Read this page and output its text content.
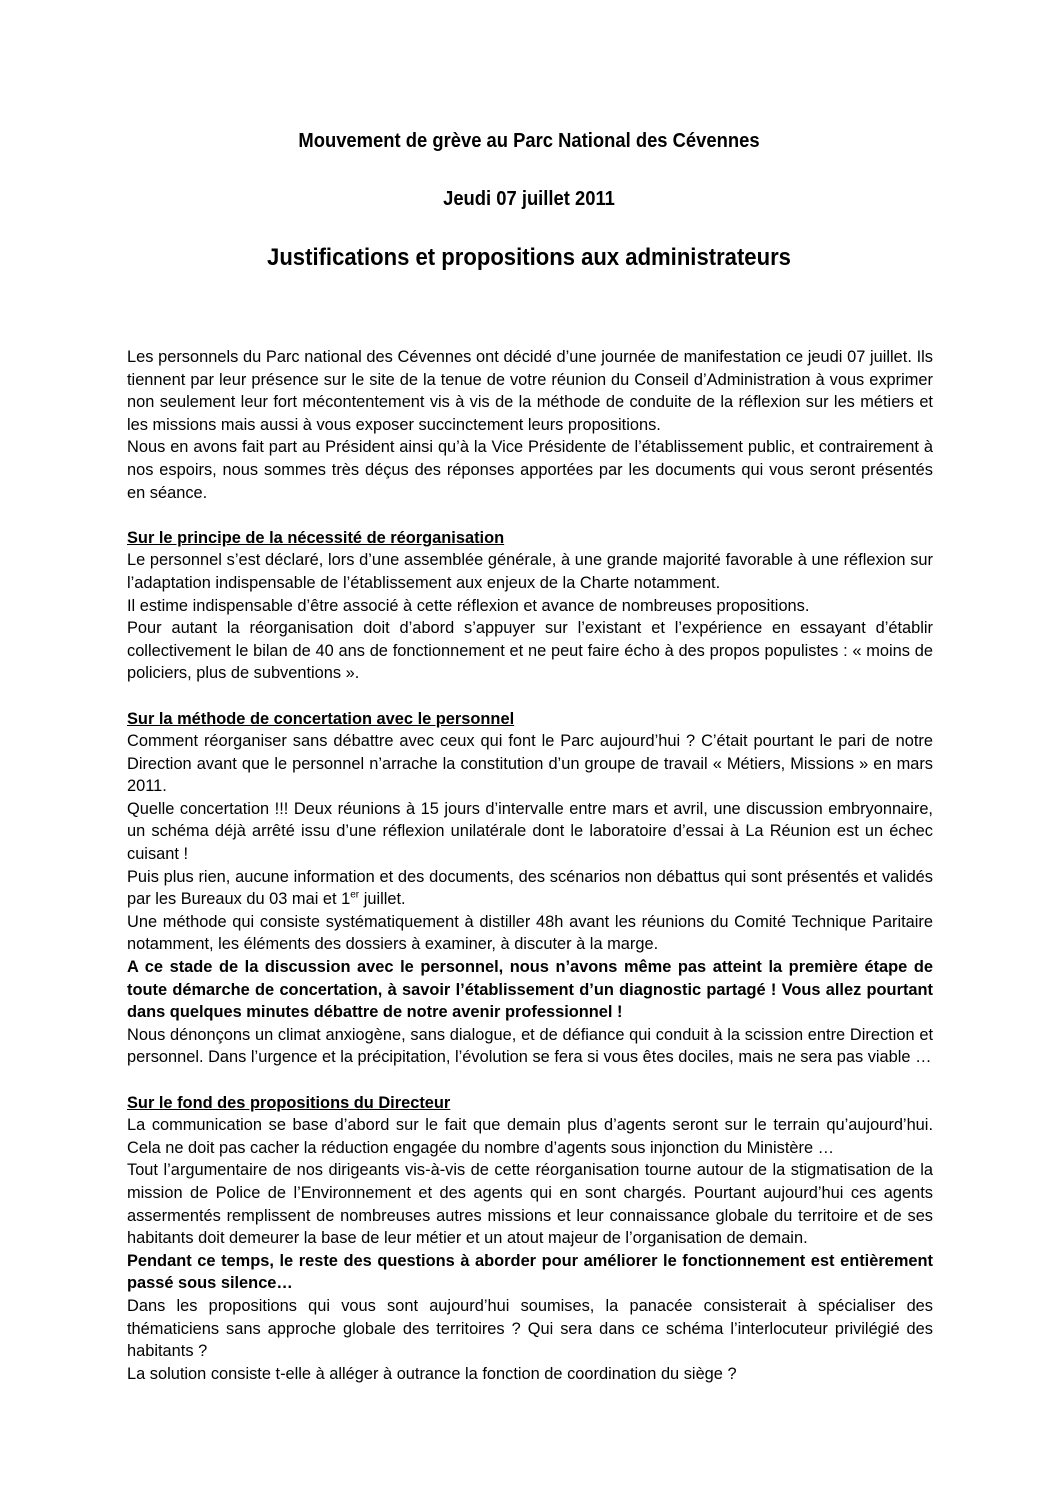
Mouvement de grève au Parc National des Cévennes
Jeudi 07 juillet 2011
Justifications et propositions aux administrateurs

Les personnels du Parc national des Cévennes ont décidé d’une journée de manifestation ce jeudi 07 juillet. Ils tiennent par leur présence sur le site de la tenue de votre réunion du Conseil d’Administration à vous exprimer non seulement leur fort mécontentement vis à vis de la méthode de conduite de la réflexion sur les métiers et les missions mais aussi à vous exposer succinctement leurs propositions.

Nous en avons fait part au Président ainsi qu’à la Vice Présidente de l’établissement public, et contrairement à nos espoirs, nous sommes très déçus des réponses apportées par les documents qui vous seront présentés en séance.

Sur le principe de la nécessité de réorganisation

Le personnel s’est déclaré, lors d’une assemblée générale, à une grande majorité favorable à une réflexion sur l’adaptation indispensable de l’établissement aux enjeux de la Charte notamment.

Il estime indispensable d’être associé à cette réflexion et avance de nombreuses propositions.

Pour autant la réorganisation doit d’abord s’appuyer sur l’existant et l’expérience en essayant d’établir collectivement le bilan de 40 ans de fonctionnement et ne peut faire écho à des propos populistes : « moins de policiers, plus de subventions ».

Sur la méthode de concertation avec le personnel

Comment réorganiser sans débattre avec ceux qui font le Parc aujourd’hui ? C’était pourtant le pari de notre Direction avant que le personnel n’arrache la constitution d’un groupe de travail « Métiers, Missions » en mars 2011.

Quelle concertation !!! Deux réunions à 15 jours d’intervalle entre mars et avril, une discussion embryonnaire, un schéma déjà arrêté issu d’une réflexion unilatérale dont le laboratoire d’essai à La Réunion est un échec cuisant !

Puis plus rien, aucune information et des documents, des scénarios non débattus qui sont présentés et validés par les Bureaux du 03 mai et 1er juillet.

Une méthode qui consiste systématiquement à distiller 48h avant les réunions du Comité Technique Paritaire notamment, les éléments des dossiers à examiner, à discuter à la marge.

A ce stade de la discussion avec le personnel, nous n’avons même pas atteint la première étape de toute démarche de concertation, à savoir l’établissement d’un diagnostic partagé ! Vous allez pourtant dans quelques minutes débattre de notre avenir professionnel !

Nous dénonçons un climat anxiogène, sans dialogue, et de défiance qui conduit à la scission entre Direction et personnel. Dans l’urgence et la précipitation, l’évolution se fera si vous êtes dociles, mais ne sera pas viable …

Sur le fond des propositions du Directeur

La communication se base d’abord sur le fait que demain plus d’agents seront sur le terrain qu’aujourd’hui. Cela ne doit pas cacher la réduction engagée du nombre d’agents sous injonction du Ministère …

Tout l’argumentaire de nos dirigeants vis-à-vis de cette réorganisation tourne autour de la stigmatisation de la mission de Police de l’Environnement et des agents qui en sont chargés. Pourtant aujourd’hui ces agents assermentés remplissent de nombreuses autres missions et leur connaissance globale du territoire et de ses habitants doit demeurer la base de leur métier et un atout majeur de l’organisation de demain.

Pendant ce temps, le reste des questions à aborder pour améliorer le fonctionnement est entièrement passé sous silence…

Dans les propositions qui vous sont aujourd’hui soumises, la panacée consisterait à spécialiser des thématiciens sans approche globale des territoires ? Qui sera dans ce schéma l’interlocuteur privilégié des habitants ?

La solution consiste t-elle à alléger à outrance la fonction de coordination du siège ?
